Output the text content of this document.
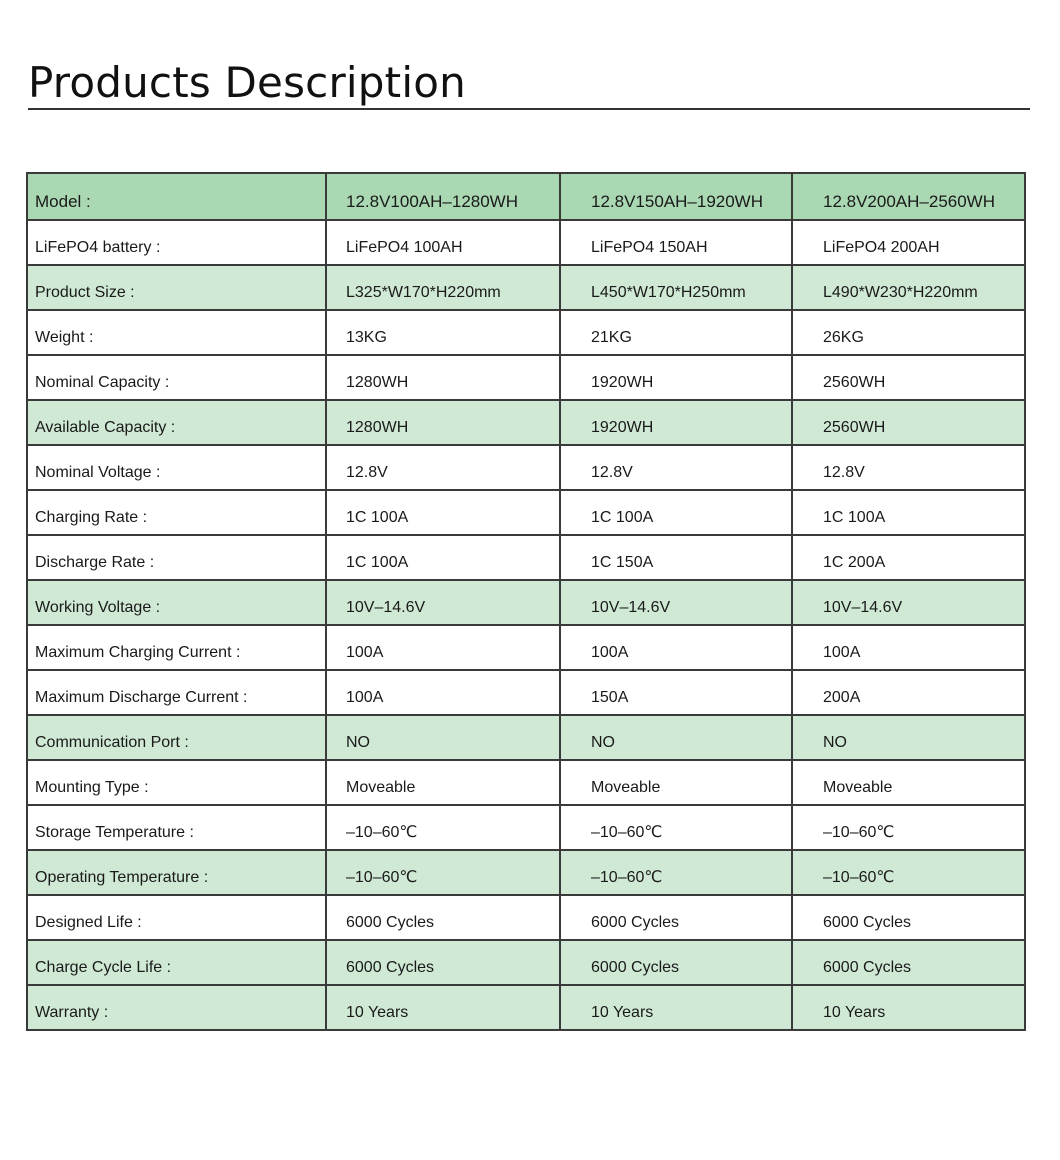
Products Description
Model :	12.8V100AH–1280WH	12.8V150AH–1920WH	12.8V200AH–2560WH
LiFePO4 battery :	LiFePO4 100AH	LiFePO4 150AH	LiFePO4 200AH
Product Size :	L325*W170*H220mm	L450*W170*H250mm	L490*W230*H220mm
Weight :	13KG	21KG	26KG
Nominal Capacity :	1280WH	1920WH	2560WH
Available Capacity :	1280WH	1920WH	2560WH
Nominal Voltage :	12.8V	12.8V	12.8V
Charging Rate :	1C 100A	1C 100A	1C 100A
Discharge Rate :	1C 100A	1C 150A	1C 200A
Working Voltage :	10V–14.6V	10V–14.6V	10V–14.6V
Maximum Charging Current :	100A	100A	100A
Maximum Discharge Current :	100A	150A	200A
Communication Port :	NO	NO	NO
Mounting Type :	Moveable	Moveable	Moveable
Storage Temperature :	–10–60℃	–10–60℃	–10–60℃
Operating Temperature :	–10–60℃	–10–60℃	–10–60℃
Designed Life :	6000 Cycles	6000 Cycles	6000 Cycles
Charge Cycle Life :	6000 Cycles	6000 Cycles	6000 Cycles
Warranty :	10 Years	10 Years	10 Years
